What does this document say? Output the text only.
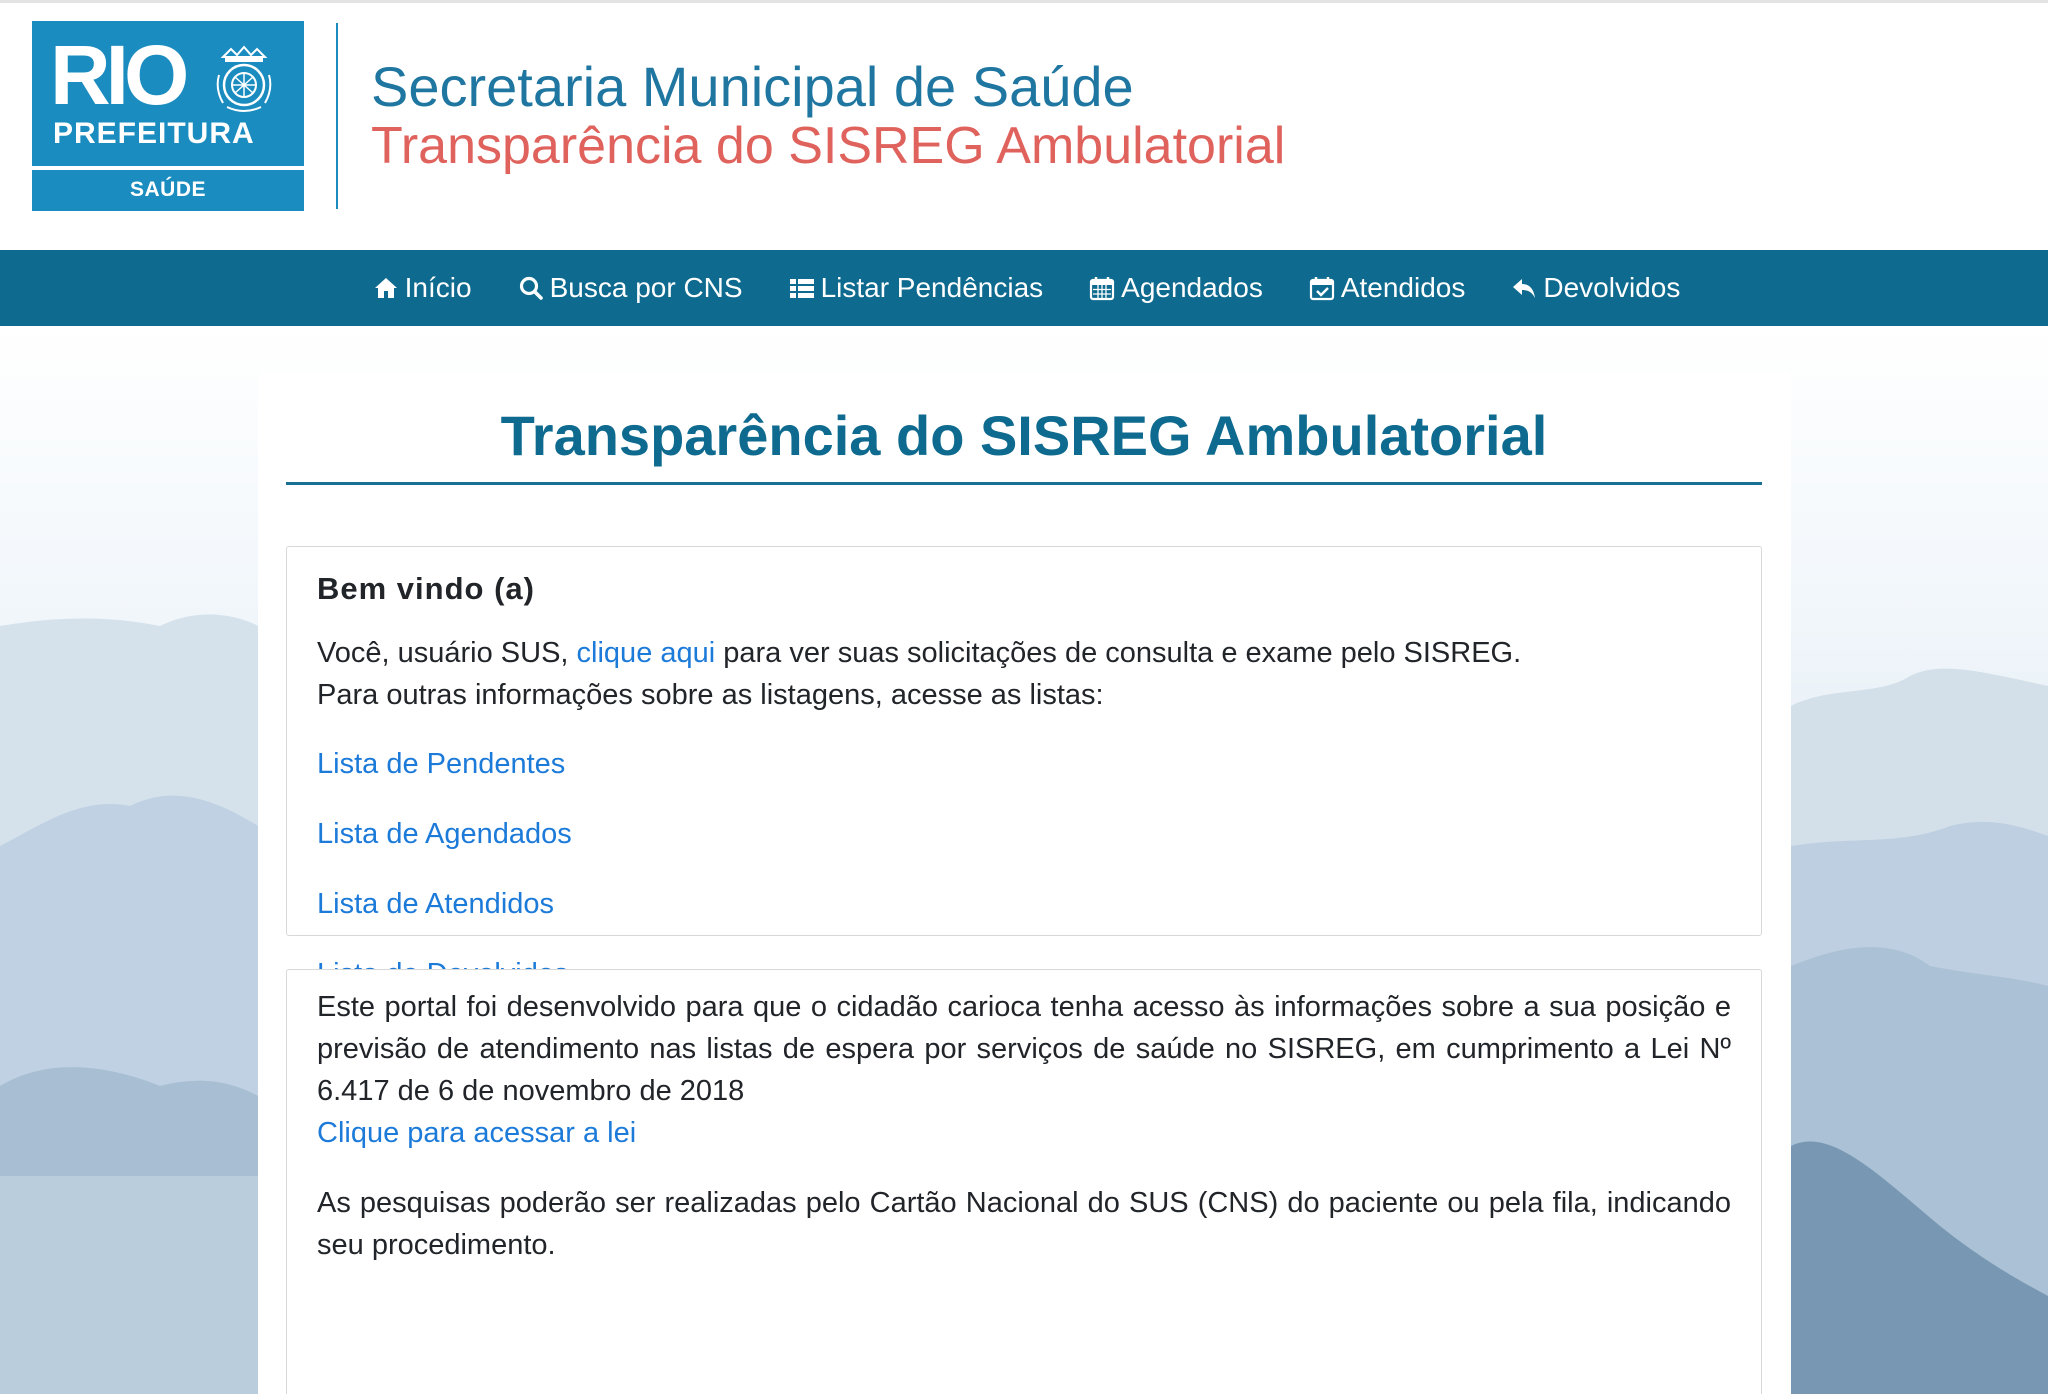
RIO
PREFEITURA
SAÚDE
Secretaria Municipal de Saúde
Transparência do SISREG Ambulatorial
Início	Busca por CNS	Listar Pendências	Agendados	Atendidos	Devolvidos
Transparência do SISREG Ambulatorial
Bem vindo (a)
Você, usuário SUS, clique aqui para ver suas solicitações de consulta e exame pelo SISREG.
Para outras informações sobre as listagens, acesse as listas:
Lista de Pendentes
Lista de Agendados
Lista de Atendidos

Este portal foi desenvolvido para que o cidadão carioca tenha acesso às informações sobre a sua posição e previsão de atendimento nas listas de espera por serviços de saúde no SISREG, em cumprimento a Lei Nº 6.417 de 6 de novembro de 2018

Clique para acessar a lei

As pesquisas poderão ser realizadas pelo Cartão Nacional do SUS (CNS) do paciente ou pela fila, indicando seu procedimento.
